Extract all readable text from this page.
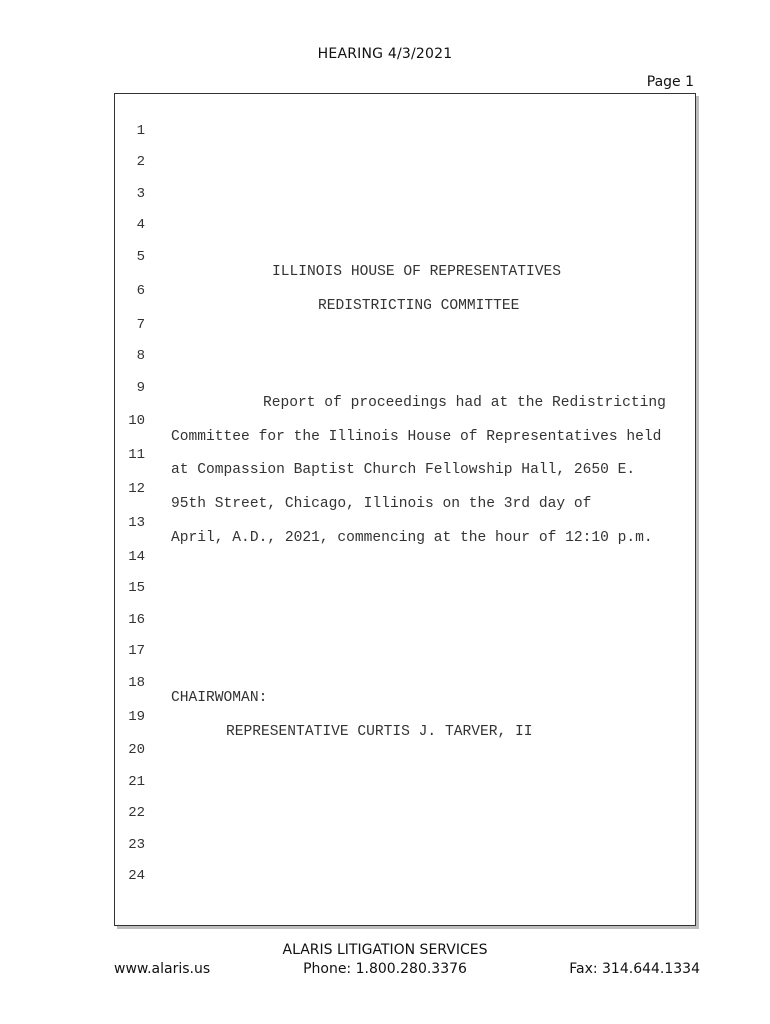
HEARING 4/3/2021
Page 1
1
2
3
4
5
6
7
8
9
10
11
12
13
14
15
16
17
18
19
20
21
22
23
24
ILLINOIS HOUSE OF REPRESENTATIVES
REDISTRICTING COMMITTEE
Report of proceedings had at the Redistricting
Committee for the Illinois House of Representatives held
at Compassion Baptist Church Fellowship Hall, 2650 E.
95th Street, Chicago, Illinois on the 3rd day of
April, A.D., 2021, commencing at the hour of 12:10 p.m.
CHAIRWOMAN:
REPRESENTATIVE CURTIS J. TARVER, II
ALARIS LITIGATION SERVICES
www.alaris.us	Phone: 1.800.280.3376	Fax: 314.644.1334
